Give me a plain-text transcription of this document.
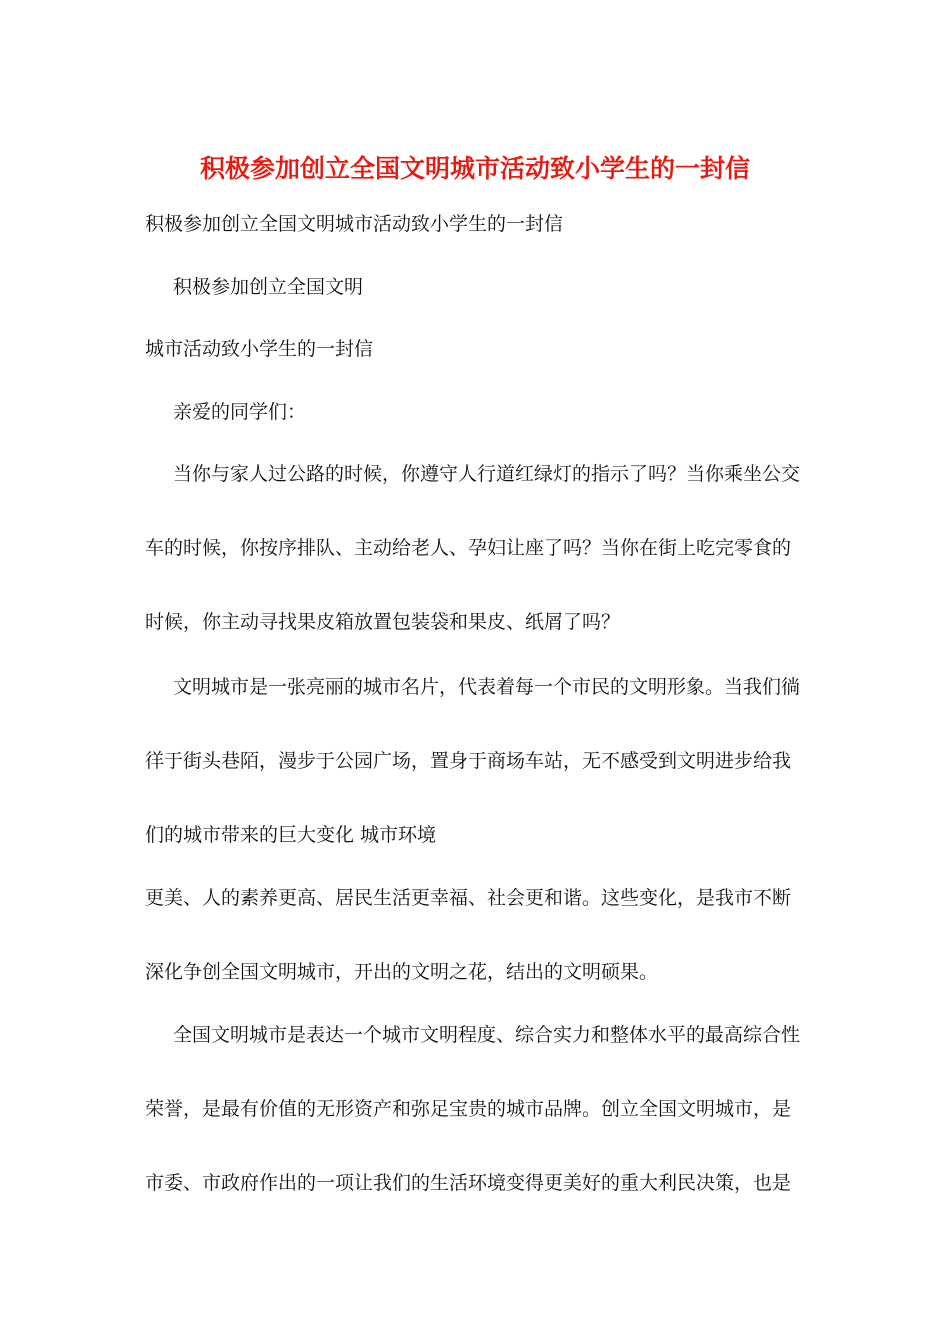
积极参加创立全国文明城市活动致小学生的一封信
积极参加创立全国文明城市活动致小学生的一封信
积极参加创立全国文明
城市活动致小学生的一封信
亲爱的同学们：
当你与家人过公路的时候，你遵守人行道红绿灯的指示了吗？当你乘坐公交
车的时候，你按序排队、主动给老人、孕妇让座了吗？当你在街上吃完零食的
时候，你主动寻找果皮箱放置包装袋和果皮、纸屑了吗？
文明城市是一张亮丽的城市名片，代表着每一个市民的文明形象。当我们徜
徉于街头巷陌，漫步于公园广场，置身于商场车站，无不感受到文明进步给我
们的城市带来的巨大变化 城市环境
更美、人的素养更高、居民生活更幸福、社会更和谐。这些变化，是我市不断
深化争创全国文明城市，开出的文明之花，结出的文明硕果。
全国文明城市是表达一个城市文明程度、综合实力和整体水平的最高综合性
荣誉，是最有价值的无形资产和弥足宝贵的城市品牌。创立全国文明城市，是
市委、市政府作出的一项让我们的生活环境变得更美好的重大利民决策，也是
